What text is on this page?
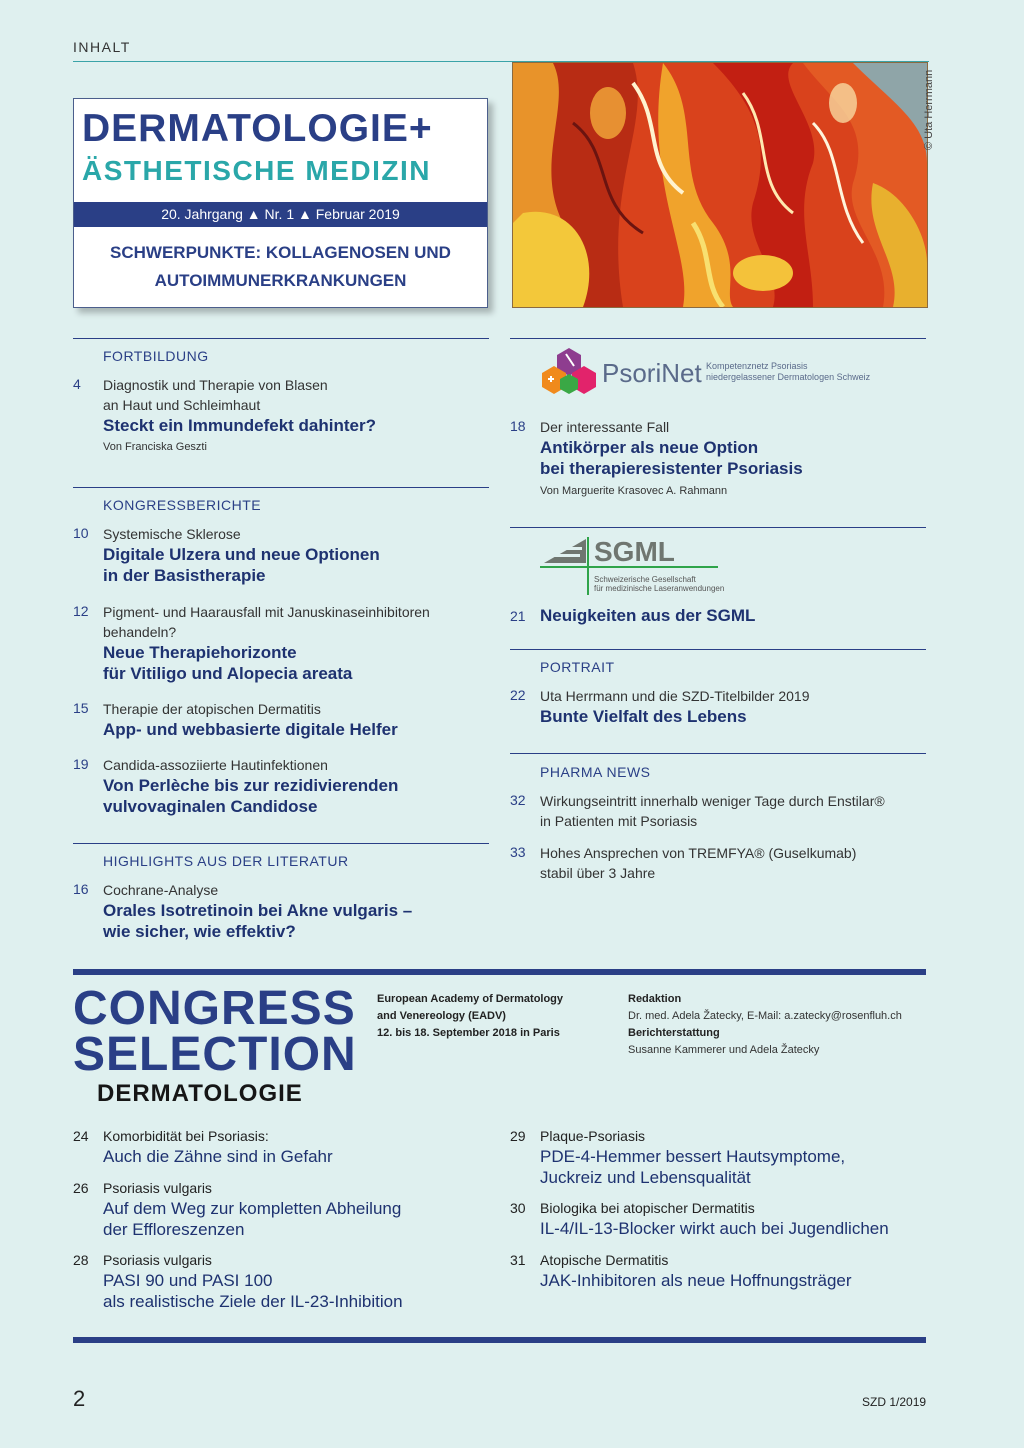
INHALT
DERMATOLOGIE+
ÄSTHETISCHE MEDIZIN
20. Jahrgang ▲ Nr. 1 ▲ Februar 2019
SCHWERPUNKTE: KOLLAGENOSEN UND
AUTOIMMUNERKRANKUNGEN
© Uta Herrmann
FORTBILDUNG
4	Diagnostik und Therapie von Blasen
an Haut und Schleimhaut
Steckt ein Immundefekt dahinter?
Von Franciska Geszti
KONGRESSBERICHTE
10	Systemische Sklerose
Digitale Ulzera und neue Optionen
in der Basistherapie
12	Pigment- und Haarausfall mit Januskinaseinhibitoren
behandeln?
Neue Therapiehorizonte
für Vitiligo und Alopecia areata
15	Therapie der atopischen Dermatitis
App- und webbasierte digitale Helfer
19	Candida-assoziierte Hautinfektionen
Von Perlèche bis zur rezidivierenden
vulvovaginalen Candidose
HIGHLIGHTS AUS DER LITERATUR
16	Cochrane-Analyse
Orales Isotretinoin bei Akne vulgaris –
wie sicher, wie effektiv?
PsoriNet Kompetenznetz Psoriasis
niedergelassener Dermatologen Schweiz
18	Der interessante Fall
Antikörper als neue Option
bei therapieresistenter Psoriasis
Von Marguerite Krasovec A. Rahmann
SGML
Schweizerische Gesellschaft
für medizinische Laseranwendungen
21 Neuigkeiten aus der SGML
PORTRAIT
22	Uta Herrmann und die SZD-Titelbilder 2019
Bunte Vielfalt des Lebens
PHARMA NEWS
32	Wirkungseintritt innerhalb weniger Tage durch Enstilar®
in Patienten mit Psoriasis
33	Hohes Ansprechen von TREMFYA® (Guselkumab)
stabil über 3 Jahre
CONGRESS
SELECTION
DERMATOLOGIE
European Academy of Dermatology
and Venereology (EADV)
12. bis 18. September 2018 in Paris
Redaktion
Dr. med. Adela Žatecky, E-Mail: a.zatecky@rosenfluh.ch
Berichterstattung
Susanne Kammerer und Adela Žatecky
24 Komorbidität bei Psoriasis:
Auch die Zähne sind in Gefahr
26 Psoriasis vulgaris
Auf dem Weg zur kompletten Abheilung
der Effloreszenzen
28 Psoriasis vulgaris
PASI 90 und PASI 100
als realistische Ziele der IL-23-Inhibition
29 Plaque-Psoriasis
PDE-4-Hemmer bessert Hautsymptome,
Juckreiz und Lebensqualität
30 Biologika bei atopischer Dermatitis
IL-4/IL-13-Blocker wirkt auch bei Jugendlichen
31 Atopische Dermatitis
JAK-Inhibitoren als neue Hoffnungsträger
2	SZD 1/2019
